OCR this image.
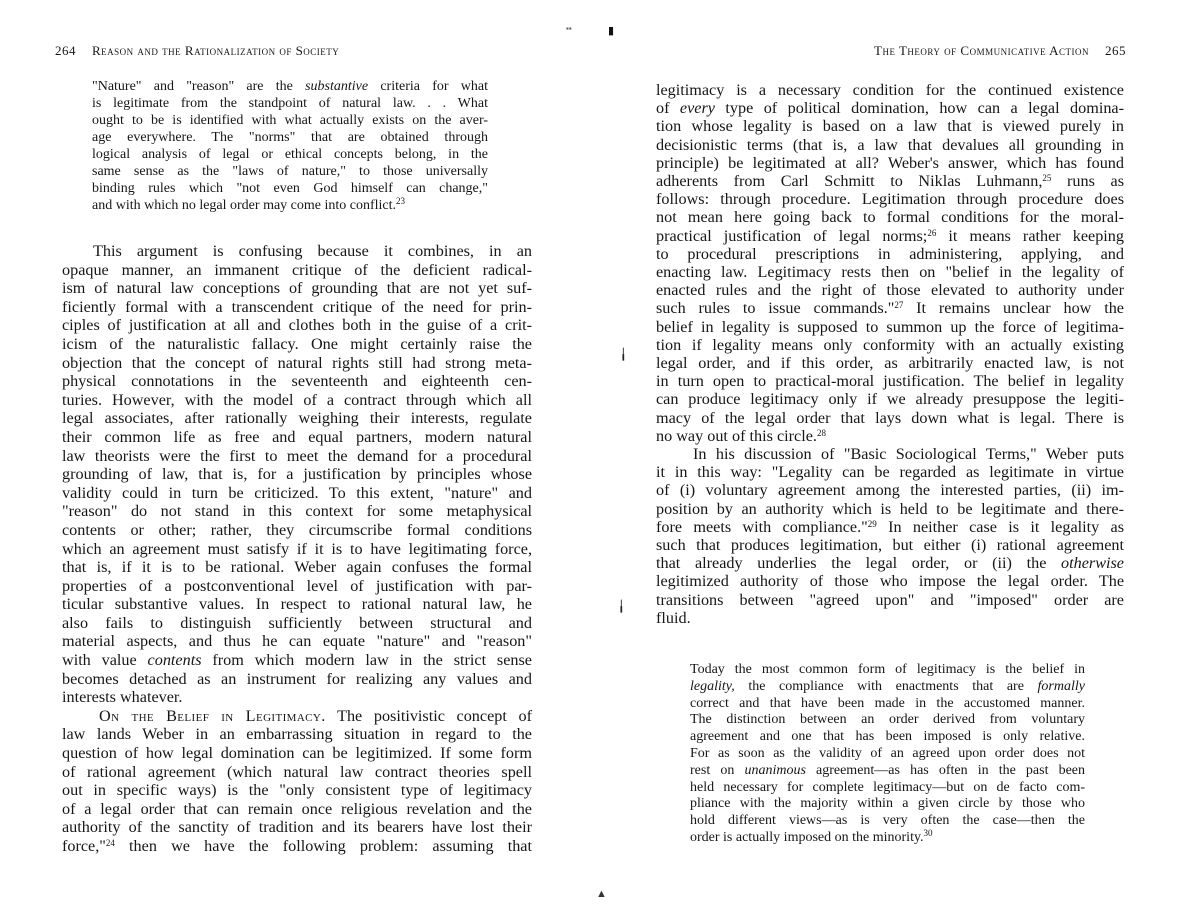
264 Reason and the Rationalization of Society
"Nature" and "reason" are the substantive criteria for what
is legitimate from the standpoint of natural law. . . What
ought to be is identified with what actually exists on the aver-
age everywhere. The "norms" that are obtained through
logical analysis of legal or ethical concepts belong, in the
same sense as the "laws of nature," to those universally
binding rules which "not even God himself can change,"
and with which no legal order may come into conflict.$^{23}$
This argument is confusing because it combines, in an
opaque manner, an immanent critique of the deficient radical-
ism of natural law conceptions of grounding that are not yet suf-
ficiently formal with a transcendent critique of the need for prin-
ciples of justification at all and clothes both in the guise of a crit-
icism of the naturalistic fallacy. One might certainly raise the
objection that the concept of natural rights still had strong meta-
physical connotations in the seventeenth and eighteenth cen-
turies. However, with the model of a contract through which all
legal associates, after rationally weighing their interests, regulate
their common life as free and equal partners, modern natural
law theorists were the first to meet the demand for a procedural
grounding of law, that is, for a justification by principles whose
validity could in turn be criticized. To this extent, "nature" and
"reason" do not stand in this context for some metaphysical
contents or other; rather, they circumscribe formal conditions
which an agreement must satisfy if it is to have legitimating force,
that is, if it is to be rational. Weber again confuses the formal
properties of a postconventional level of justification with par-
ticular substantive values. In respect to rational natural law, he
also fails to distinguish sufficiently between structural and
material aspects, and thus he can equate "nature" and "reason"
with value contents from which modern law in the strict sense
becomes detached as an instrument for realizing any values and
interests whatever.
On the Belief in Legitimacy. The positivistic concept of
law lands Weber in an embarrassing situation in regard to the
question of how legal domination can be legitimized. If some form
of rational agreement (which natural law contract theories spell
out in specific ways) is the "only consistent type of legitimacy
of a legal order that can remain once religious revelation and the
authority of the sanctity of tradition and its bearers have lost their
force,"$^{24}$ then we have the following problem: assuming that
▪▪	▮
╽
╽
▲
The Theory of Communicative Action 265
legitimacy is a necessary condition for the continued existence
of every type of political domination, how can a legal domina-
tion whose legality is based on a law that is viewed purely in
decisionistic terms (that is, a law that devalues all grounding in
principle) be legitimated at all? Weber's answer, which has found
adherents from Carl Schmitt to Niklas Luhmann,$^{25}$ runs as
follows: through procedure. Legitimation through procedure does
not mean here going back to formal conditions for the moral-
practical justification of legal norms;$^{26}$ it means rather keeping
to procedural prescriptions in administering, applying, and
enacting law. Legitimacy rests then on "belief in the legality of
enacted rules and the right of those elevated to authority under
such rules to issue commands."$^{27}$ It remains unclear how the
belief in legality is supposed to summon up the force of legitima-
tion if legality means only conformity with an actually existing
legal order, and if this order, as arbitrarily enacted law, is not
in turn open to practical-moral justification. The belief in legality
can produce legitimacy only if we already presuppose the legiti-
macy of the legal order that lays down what is legal. There is
no way out of this circle.$^{28}$
In his discussion of "Basic Sociological Terms," Weber puts
it in this way: "Legality can be regarded as legitimate in virtue
of (i) voluntary agreement among the interested parties, (ii) im-
position by an authority which is held to be legitimate and there-
fore meets with compliance."$^{29}$ In neither case is it legality as
such that produces legitimation, but either (i) rational agreement
that already underlies the legal order, or (ii) the otherwise
legitimized authority of those who impose the legal order. The
transitions between "agreed upon" and "imposed" order are
fluid.
Today the most common form of legitimacy is the belief in
legality, the compliance with enactments that are formally
correct and that have been made in the accustomed manner.
The distinction between an order derived from voluntary
agreement and one that has been imposed is only relative.
For as soon as the validity of an agreed upon order does not
rest on unanimous agreement—as has often in the past been
held necessary for complete legitimacy—but on de facto com-
pliance with the majority within a given circle by those who
hold different views—as is very often the case—then the
order is actually imposed on the minority.$^{30}$
